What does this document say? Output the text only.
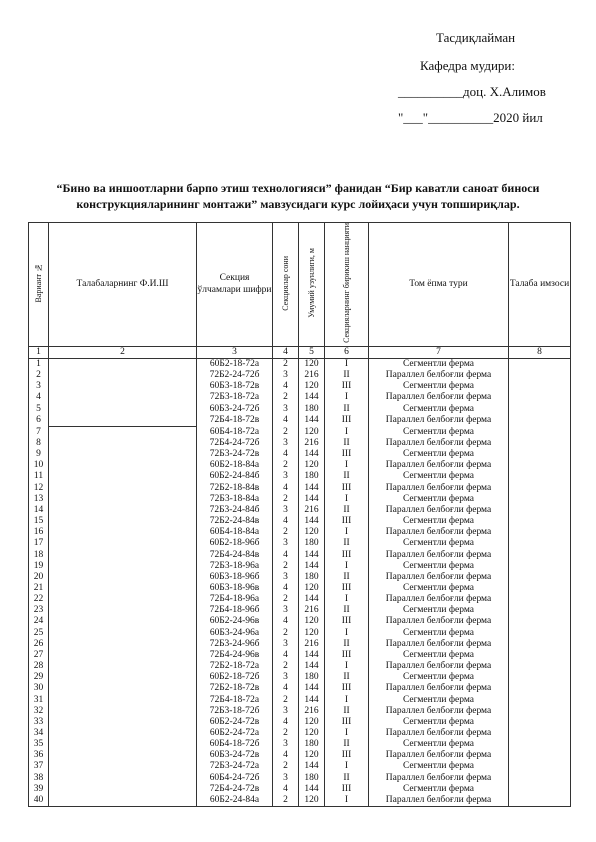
Тасдиқлайман
Кафедра мудири:
__________доц. Х.Алимов
"___"__________2020 йил
“Бино ва иншоотларни барпо этиш технологияси” фанидан “Бир каватли саноат биноси
конструкцияларининг монтажи” мавзусидаги курс лойиҳаси учун топшириқлар.
Вариант №	Талабаларнинг Ф.И.Ш	Секция ўлчамлари шифри	Секциялар сони	Умумий узунлиги, м	Секцияларнинг бирикиш нанцияти	Том ёпма тури	Талаба имзоси
1	2	3	4	5	6	7	8
1		60Б2-18-72а	2	120	I	Сегментли ферма	
2		72Б2-24-72б	3	216	II	Параллел белбоғли ферма	
3		60Б3-18-72в	4	120	III	Сегментли ферма	
4		72Б3-18-72а	2	144	I	Параллел белбоғли ферма	
5		60Б3-24-72б	3	180	II	Сегментли ферма	
6		72Б4-18-72в	4	144	III	Параллел белбоғли ферма	
7		60Б4-18-72а	2	120	I	Сегментли ферма	
8		72Б4-24-72б	3	216	II	Параллел белбоғли ферма	
9		72Б3-24-72в	4	144	III	Сегментли ферма	
10		60Б2-18-84а	2	120	I	Параллел белбоғли ферма	
11		60Б2-24-84б	3	180	II	Сегментли ферма	
12		72Б2-18-84в	4	144	III	Параллел белбоғли ферма	
13		72Б3-18-84а	2	144	I	Сегментли ферма	
14		72Б3-24-84б	3	216	II	Параллел белбоғли ферма	
15		72Б2-24-84в	4	144	III	Сегментли ферма	
16		60Б4-18-84а	2	120	I	Параллел белбоғли ферма	
17		60Б2-18-96б	3	180	II	Сегментли ферма	
18		72Б4-24-84в	4	144	III	Параллел белбоғли ферма	
19		72Б3-18-96а	2	144	I	Сегментли ферма	
20		60Б3-18-96б	3	180	II	Параллел белбоғли ферма	
21		60Б3-18-96в	4	120	III	Сегментли ферма	
22		72Б4-18-96а	2	144	I	Параллел белбоғли ферма	
23		72Б4-18-96б	3	216	II	Сегментли ферма	
24		60Б2-24-96в	4	120	III	Параллел белбоғли ферма	
25		60Б3-24-96а	2	120	I	Сегментли ферма	
26		72Б3-24-96б	3	216	II	Параллел белбоғли ферма	
27		72Б4-24-96в	4	144	III	Сегментли ферма	
28		72Б2-18-72а	2	144	I	Параллел белбоғли ферма	
29		60Б2-18-72б	3	180	II	Сегментли ферма	
30		72Б2-18-72в	4	144	III	Параллел белбоғли ферма	
31		72Б4-18-72а	2	144	I	Сегментли ферма	
32		72Б3-18-72б	3	216	II	Параллел белбоғли ферма	
33		60Б2-24-72в	4	120	III	Сегментли ферма	
34		60Б2-24-72а	2	120	I	Параллел белбоғли ферма	
35		60Б4-18-72б	3	180	II	Сегментли ферма	
36		60Б3-24-72в	4	120	III	Параллел белбоғли ферма	
37		72Б3-24-72а	2	144	I	Сегментли ферма	
38		60Б4-24-72б	3	180	II	Параллел белбоғли ферма	
39		72Б4-24-72в	4	144	III	Сегментли ферма	
40		60Б2-24-84а	2	120	I	Параллел белбоғли ферма	
